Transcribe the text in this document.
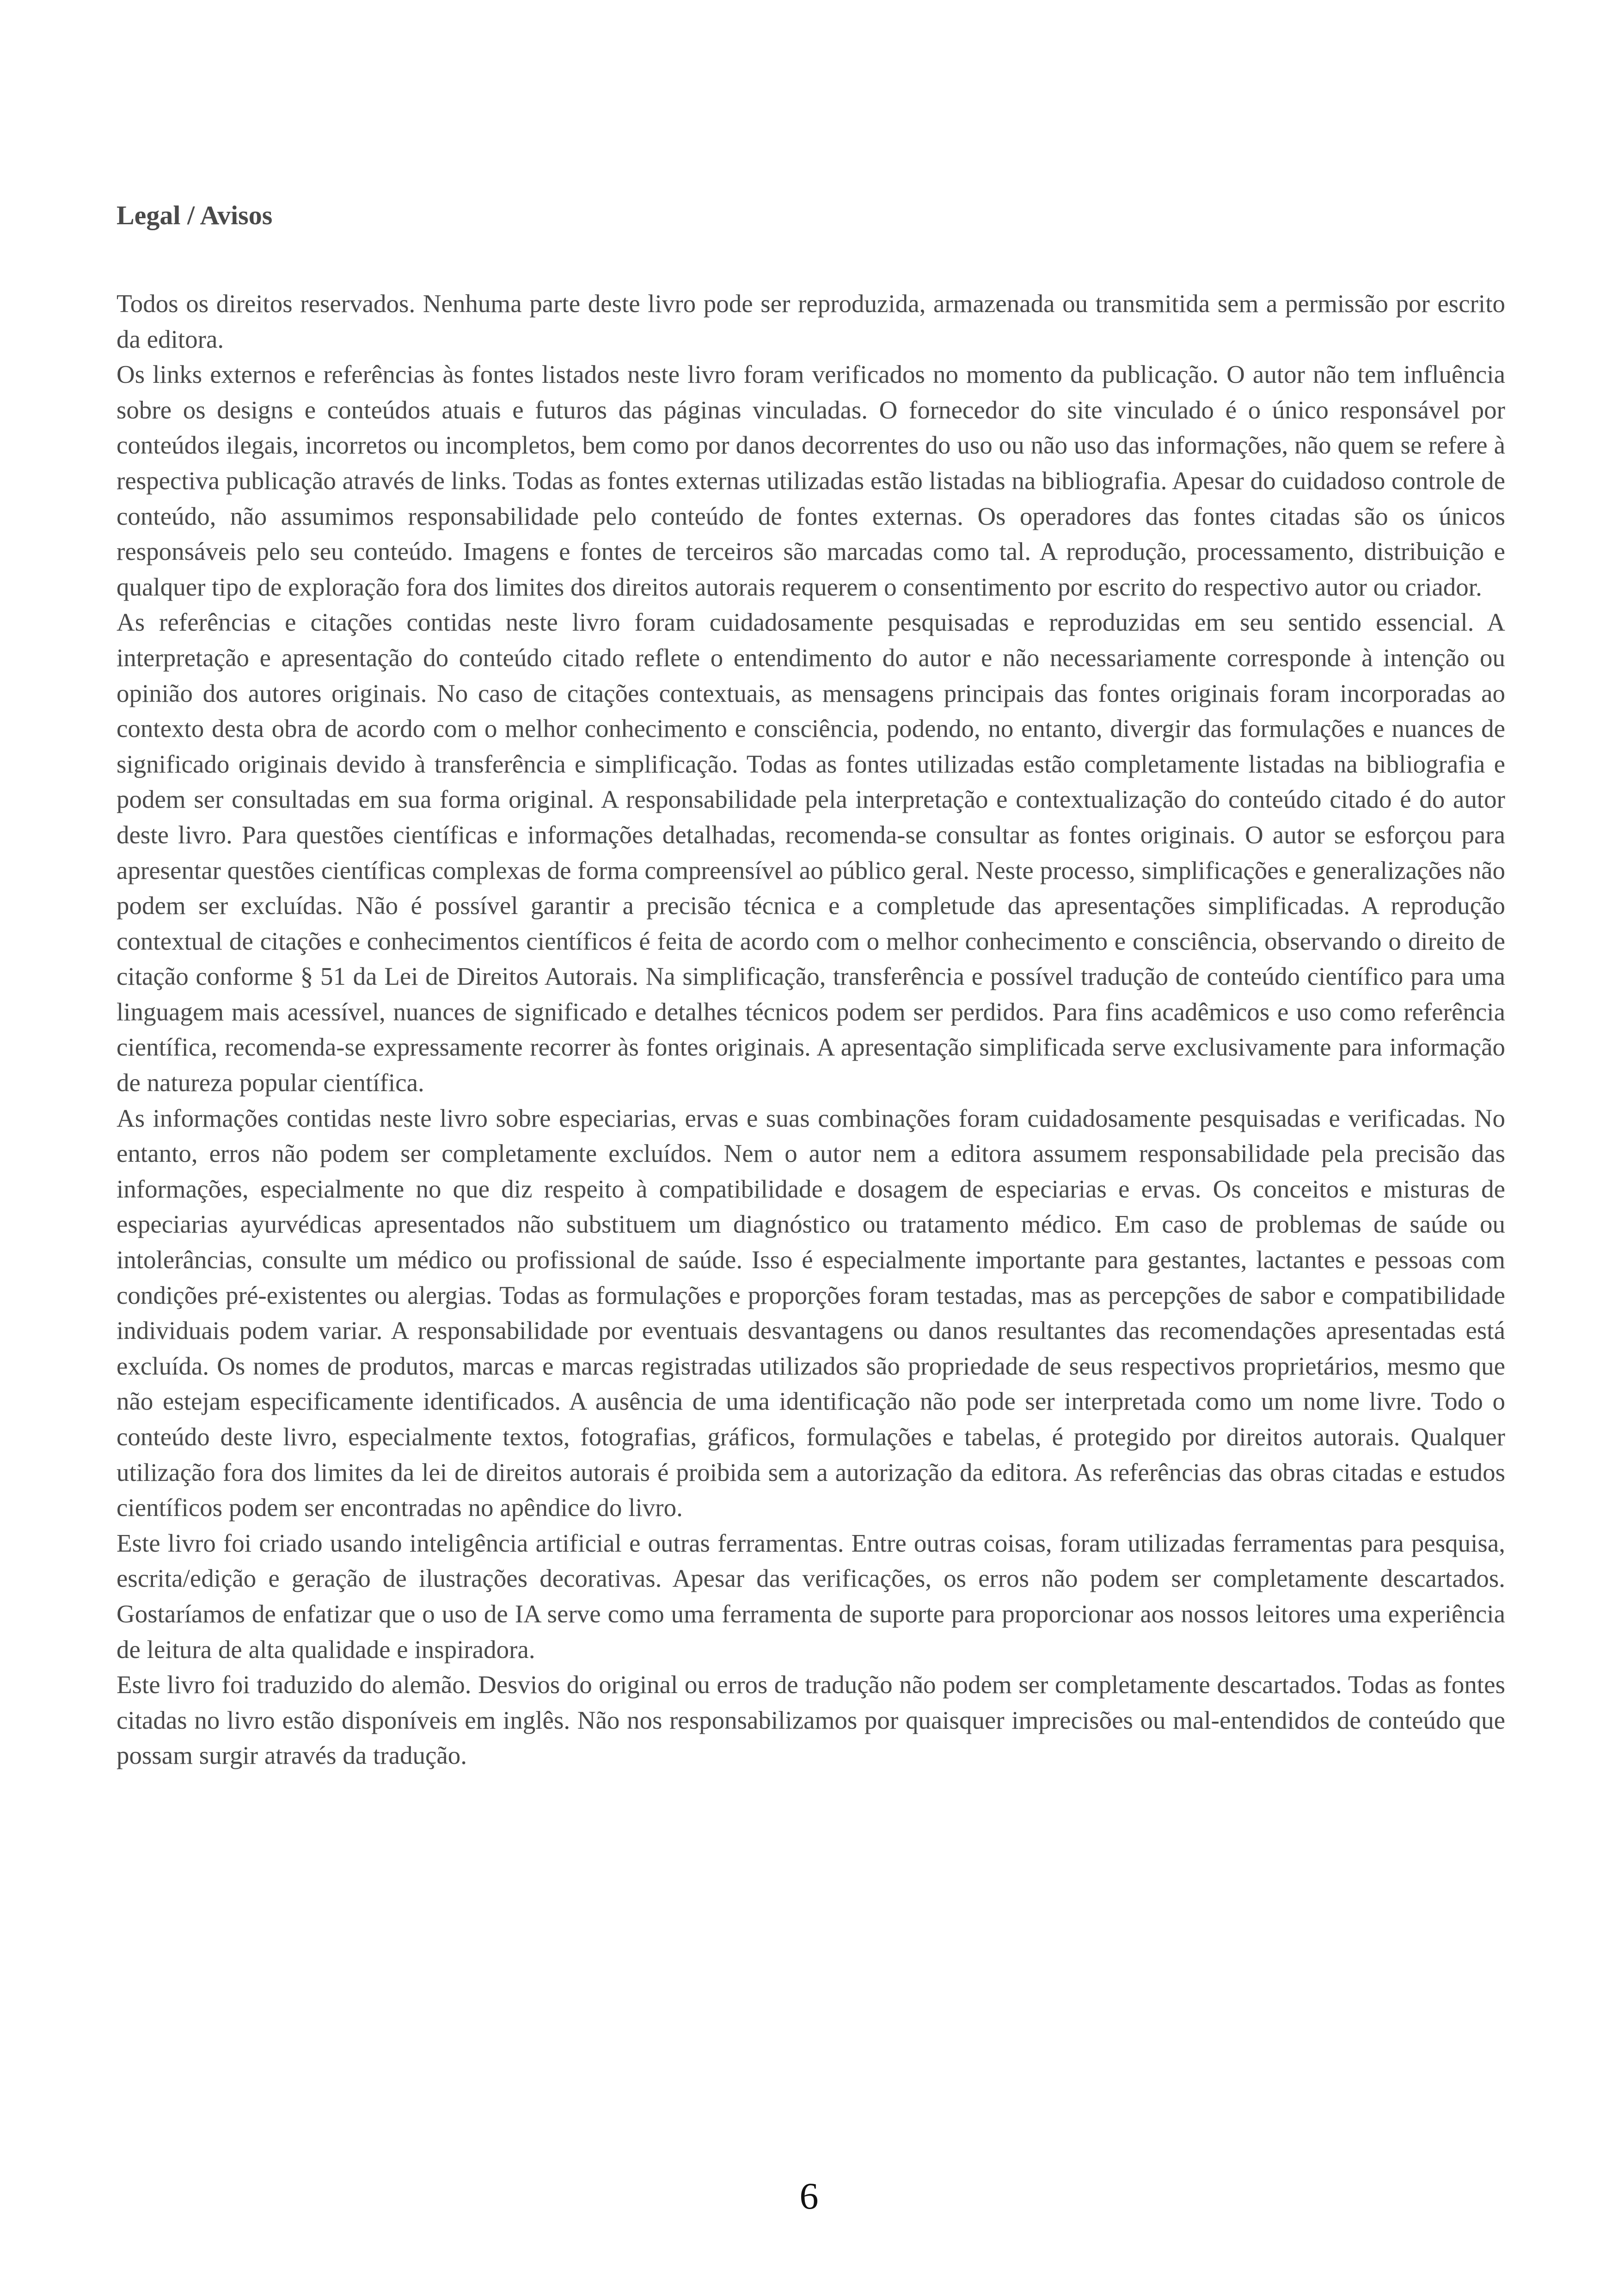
Legal / Avisos

Todos os direitos reservados. Nenhuma parte deste livro pode ser reproduzida, armazenada ou transmitida sem a permissão por escrito da editora.

Os links externos e referências às fontes listados neste livro foram verificados no momento da publicação. O autor não tem influência sobre os designs e conteúdos atuais e futuros das páginas vinculadas. O fornecedor do site vinculado é o único responsável por conteúdos ilegais, incorretos ou incompletos, bem como por danos decorrentes do uso ou não uso das informações, não quem se refere à respectiva publicação através de links. Todas as fontes externas utilizadas estão listadas na bibliografia. Apesar do cuidadoso controle de conteúdo, não assumimos responsabilidade pelo conteúdo de fontes externas. Os operadores das fontes citadas são os únicos responsáveis pelo seu conteúdo. Imagens e fontes de terceiros são marcadas como tal. A reprodução, processamento, distribuição e qualquer tipo de exploração fora dos limites dos direitos autorais requerem o consentimento por escrito do respectivo autor ou criador.

As referências e citações contidas neste livro foram cuidadosamente pesquisadas e reproduzidas em seu sentido essencial. A interpretação e apresentação do conteúdo citado reflete o entendimento do autor e não necessariamente corresponde à intenção ou opinião dos autores originais. No caso de citações contextuais, as mensagens principais das fontes originais foram incorporadas ao contexto desta obra de acordo com o melhor conhecimento e consciência, podendo, no entanto, divergir das formulações e nuances de significado originais devido à transferência e simplificação. Todas as fontes utilizadas estão completamente listadas na bibliografia e podem ser consultadas em sua forma original. A responsabilidade pela interpretação e contextualização do conteúdo citado é do autor deste livro. Para questões científicas e informações detalhadas, recomenda-se consultar as fontes originais. O autor se esforçou para apresentar questões científicas complexas de forma compreensível ao público geral. Neste processo, simplificações e generalizações não podem ser excluídas. Não é possível garantir a precisão técnica e a completude das apresentações simplificadas. A reprodução contextual de citações e conhecimentos científicos é feita de acordo com o melhor conhecimento e consciência, observando o direito de citação conforme § 51 da Lei de Direitos Autorais. Na simplificação, transferência e possível tradução de conteúdo científico para uma linguagem mais acessível, nuances de significado e detalhes técnicos podem ser perdidos. Para fins acadêmicos e uso como referência científica, recomenda-se expressamente recorrer às fontes originais. A apresentação simplificada serve exclusivamente para informação de natureza popular científica.

As informações contidas neste livro sobre especiarias, ervas e suas combinações foram cuidadosamente pesquisadas e verificadas. No entanto, erros não podem ser completamente excluídos. Nem o autor nem a editora assumem responsabilidade pela precisão das informações, especialmente no que diz respeito à compatibilidade e dosagem de especiarias e ervas. Os conceitos e misturas de especiarias ayurvédicas apresentados não substituem um diagnóstico ou tratamento médico. Em caso de problemas de saúde ou intolerâncias, consulte um médico ou profissional de saúde. Isso é especialmente importante para gestantes, lactantes e pessoas com condições pré-existentes ou alergias. Todas as formulações e proporções foram testadas, mas as percepções de sabor e compatibilidade individuais podem variar. A responsabilidade por eventuais desvantagens ou danos resultantes das recomendações apresentadas está excluída. Os nomes de produtos, marcas e marcas registradas utilizados são propriedade de seus respectivos proprietários, mesmo que não estejam especificamente identificados. A ausência de uma identificação não pode ser interpretada como um nome livre. Todo o conteúdo deste livro, especialmente textos, fotografias, gráficos, formulações e tabelas, é protegido por direitos autorais. Qualquer utilização fora dos limites da lei de direitos autorais é proibida sem a autorização da editora. As referências das obras citadas e estudos científicos podem ser encontradas no apêndice do livro.

Este livro foi criado usando inteligência artificial e outras ferramentas. Entre outras coisas, foram utilizadas ferramentas para pesquisa, escrita/edição e geração de ilustrações decorativas. Apesar das verificações, os erros não podem ser completamente descartados. Gostaríamos de enfatizar que o uso de IA serve como uma ferramenta de suporte para proporcionar aos nossos leitores uma experiência de leitura de alta qualidade e inspiradora.

Este livro foi traduzido do alemão. Desvios do original ou erros de tradução não podem ser completamente descartados. Todas as fontes citadas no livro estão disponíveis em inglês. Não nos responsabilizamos por quaisquer imprecisões ou mal-entendidos de conteúdo que possam surgir através da tradução.

6
